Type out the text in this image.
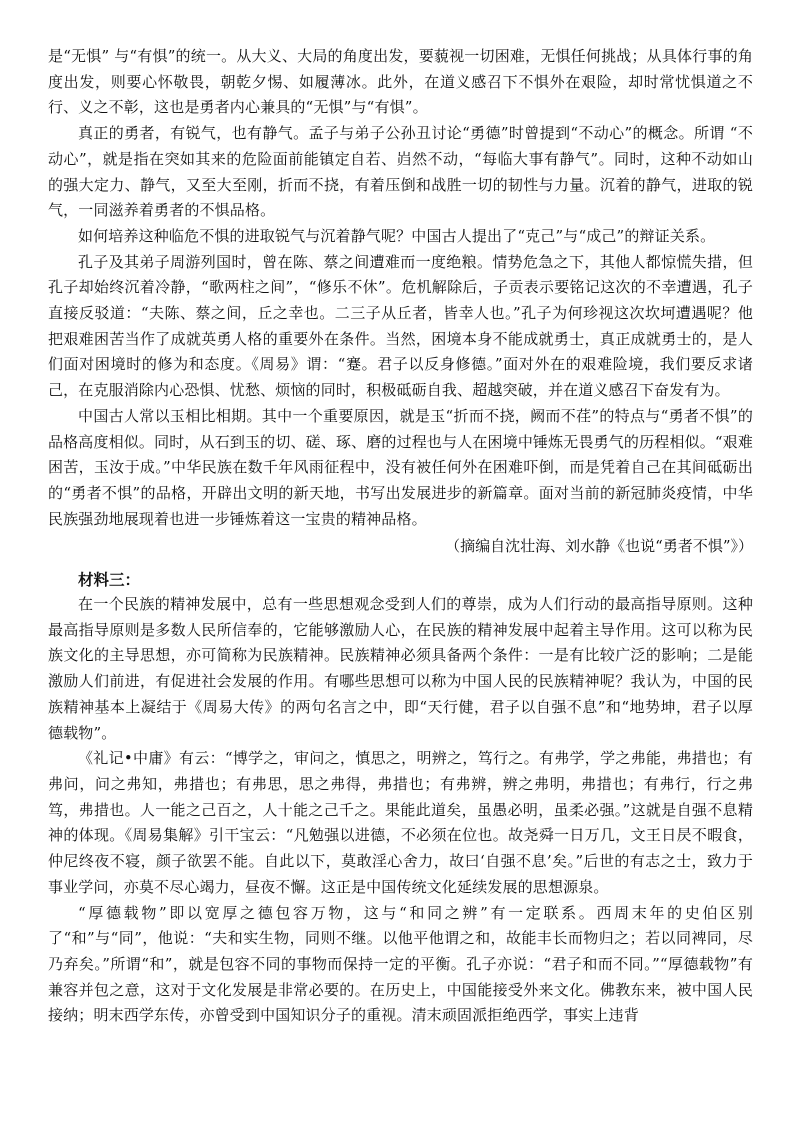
是“无惧” 与“有惧”的统一。从大义、大局的角度出发，要藐视一切困难，无惧任何挑战；从具体行事的角度出发，则要心怀敬畏，朝乾夕惕、如履薄冰。此外，在道义感召下不惧外在艰险，却时常忧惧道之不行、义之不彰，这也是勇者内心兼具的“无惧”与“有惧”。

真正的勇者，有锐气，也有静气。孟子与弟子公孙丑讨论“勇德”时曾提到“不动心”的概念。所谓 “不动心”，就是指在突如其来的危险面前能镇定自若、岿然不动，“每临大事有静气”。同时，这种不动如山的强大定力、静气，又至大至刚，折而不挠，有着压倒和战胜一切的韧性与力量。沉着的静气，进取的锐气，一同滋养着勇者的不惧品格。

如何培养这种临危不惧的进取锐气与沉着静气呢？中国古人提出了“克己”与“成己”的辩证关系。

孔子及其弟子周游列国时，曾在陈、蔡之间遭难而一度绝粮。情势危急之下，其他人都惊慌失措，但孔子却始终沉着冷静，“歌两柱之间”，“修乐不休”。危机解除后，子贡表示要铭记这次的不幸遭遇，孔子直接反驳道：“夫陈、蔡之间，丘之幸也。二三子从丘者，皆幸人也。”孔子为何珍视这次坎坷遭遇呢？他把艰难困苦当作了成就英勇人格的重要外在条件。当然，困境本身不能成就勇士，真正成就勇士的，是人们面对困境时的修为和态度。《周易》谓：“蹇。君子以反身修德。”面对外在的艰难险境，我们要反求诸己，在克服消除内心恐惧、忧愁、烦恼的同时，积极砥砺自我、超越突破，并在道义感召下奋发有为。

中国古人常以玉相比相期。其中一个重要原因，就是玉“折而不挠，阙而不荏”的特点与“勇者不惧”的品格高度相似。同时，从石到玉的切、磋、琢、磨的过程也与人在困境中锤炼无畏勇气的历程相似。“艰难困苦，玉汝于成。”中华民族在数千年风雨征程中，没有被任何外在困难吓倒，而是凭着自己在其间砥砺出的“勇者不惧”的品格，开辟出文明的新天地，书写出发展进步的新篇章。面对当前的新冠肺炎疫情，中华民族强劲地展现着也进一步锤炼着这一宝贵的精神品格。

（摘编自沈壮海、刘水静《也说“勇者不惧”》）

材料三：

在一个民族的精神发展中，总有一些思想观念受到人们的尊崇，成为人们行动的最高指导原则。这种最高指导原则是多数人民所信奉的，它能够激励人心，在民族的精神发展中起着主导作用。这可以称为民族文化的主导思想，亦可简称为民族精神。民族精神必须具备两个条件：一是有比较广泛的影响；二是能激励人们前进，有促进社会发展的作用。有哪些思想可以称为中国人民的民族精神呢？我认为，中国的民族精神基本上凝结于《周易大传》的两句名言之中，即“天行健，君子以自强不息”和“地势坤，君子以厚德载物”。

《礼记•中庸》有云：“博学之，审问之，慎思之，明辨之，笃行之。有弗学，学之弗能，弗措也；有弗问，问之弗知，弗措也；有弗思，思之弗得，弗措也；有弗辨，辨之弗明，弗措也；有弗行，行之弗笃，弗措也。人一能之己百之，人十能之己千之。果能此道矣，虽愚必明，虽柔必强。”这就是自强不息精神的体现。《周易集解》引干宝云：“凡勉强以进德，不必须在位也。故尧舜一日万几，文王日昃不暇食，仲尼终夜不寝，颜子欲罢不能。自此以下，莫敢淫心舍力，故曰‘自强不息’矣。”后世的有志之士，致力于事业学问，亦莫不尽心竭力，昼夜不懈。这正是中国传统文化延续发展的思想源泉。

“厚德载物”即以宽厚之德包容万物，这与“和同之辨”有一定联系。西周末年的史伯区别了“和”与“同”，他说：“夫和实生物，同则不继。以他平他谓之和，故能丰长而物归之；若以同裨同，尽乃弃矣。”所谓“和”，就是包容不同的事物而保持一定的平衡。孔子亦说：“君子和而不同。”“厚德载物”有兼容并包之意，这对于文化发展是非常必要的。在历史上，中国能接受外来文化。佛教东来，被中国人民接纳；明末西学东传，亦曾受到中国知识分子的重视。清末顽固派拒绝西学，事实上违背
